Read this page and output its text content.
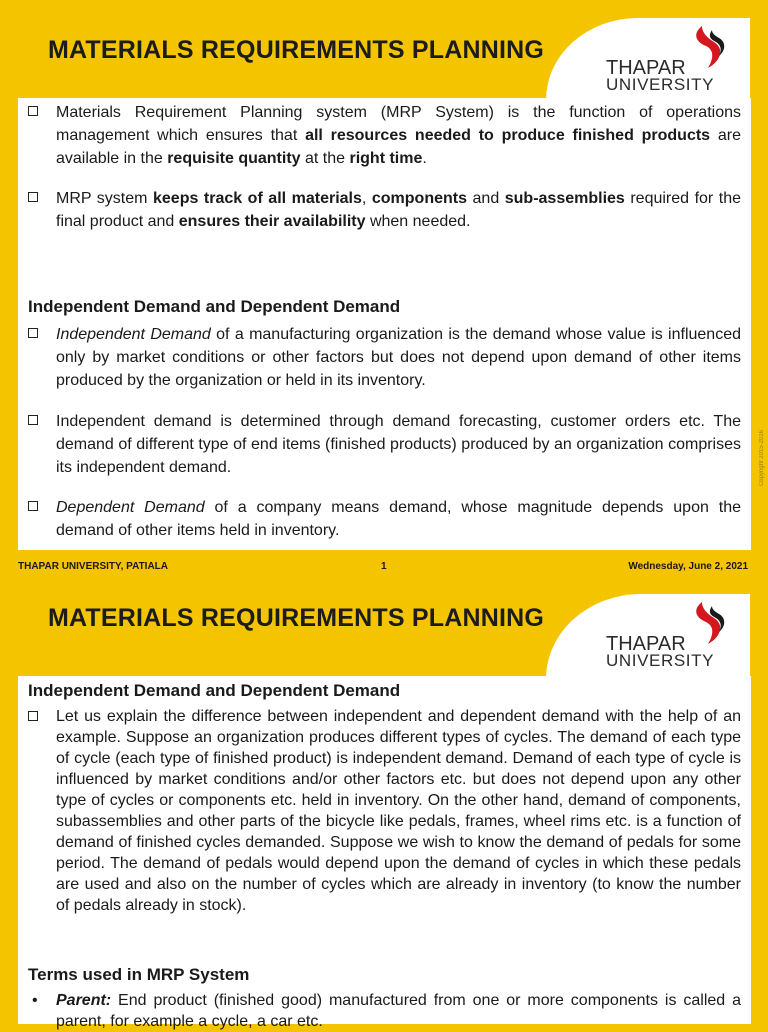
MATERIALS REQUIREMENTS PLANNING
THAPAR
UNIVERSITY
Materials Requirement Planning system (MRP System) is the function of operations management which ensures that all resources needed to produce finished products are available in the requisite quantity at the right time.
MRP system keeps track of all materials, components and sub-assemblies required for the final product and ensures their availability when needed.
Independent Demand and Dependent Demand
Independent Demand of a manufacturing organization is the demand whose value is influenced only by market conditions or other factors but does not depend upon demand of other items produced by the organization or held in its inventory.
Independent demand is determined through demand forecasting, customer orders etc. The demand of different type of end items (finished products) produced by an organization comprises its independent demand.
Dependent Demand of a company means demand, whose magnitude depends upon the demand of other items held in inventory.
Copyright 2015-2016
THAPAR UNIVERSITY, PATIALA	1	Wednesday, June 2, 2021
MATERIALS REQUIREMENTS PLANNING
THAPAR
UNIVERSITY
Independent Demand and Dependent Demand
Let us explain the difference between independent and dependent demand with the help of an example. Suppose an organization produces different types of cycles. The demand of each type of cycle (each type of finished product) is independent demand. Demand of each type of cycle is influenced by market conditions and/or other factors etc. but does not depend upon any other type of cycles or components etc. held in inventory. On the other hand, demand of components, subassemblies and other parts of the bicycle like pedals, frames, wheel rims etc. is a function of demand of finished cycles demanded. Suppose we wish to know the demand of pedals for some period. The demand of pedals would depend upon the demand of cycles in which these pedals are used and also on the number of cycles which are already in inventory (to know the number of pedals already in stock).
Terms used in MRP System
• Parent: End product (finished good) manufactured from one or more components is called a parent, for example a cycle, a car etc.
